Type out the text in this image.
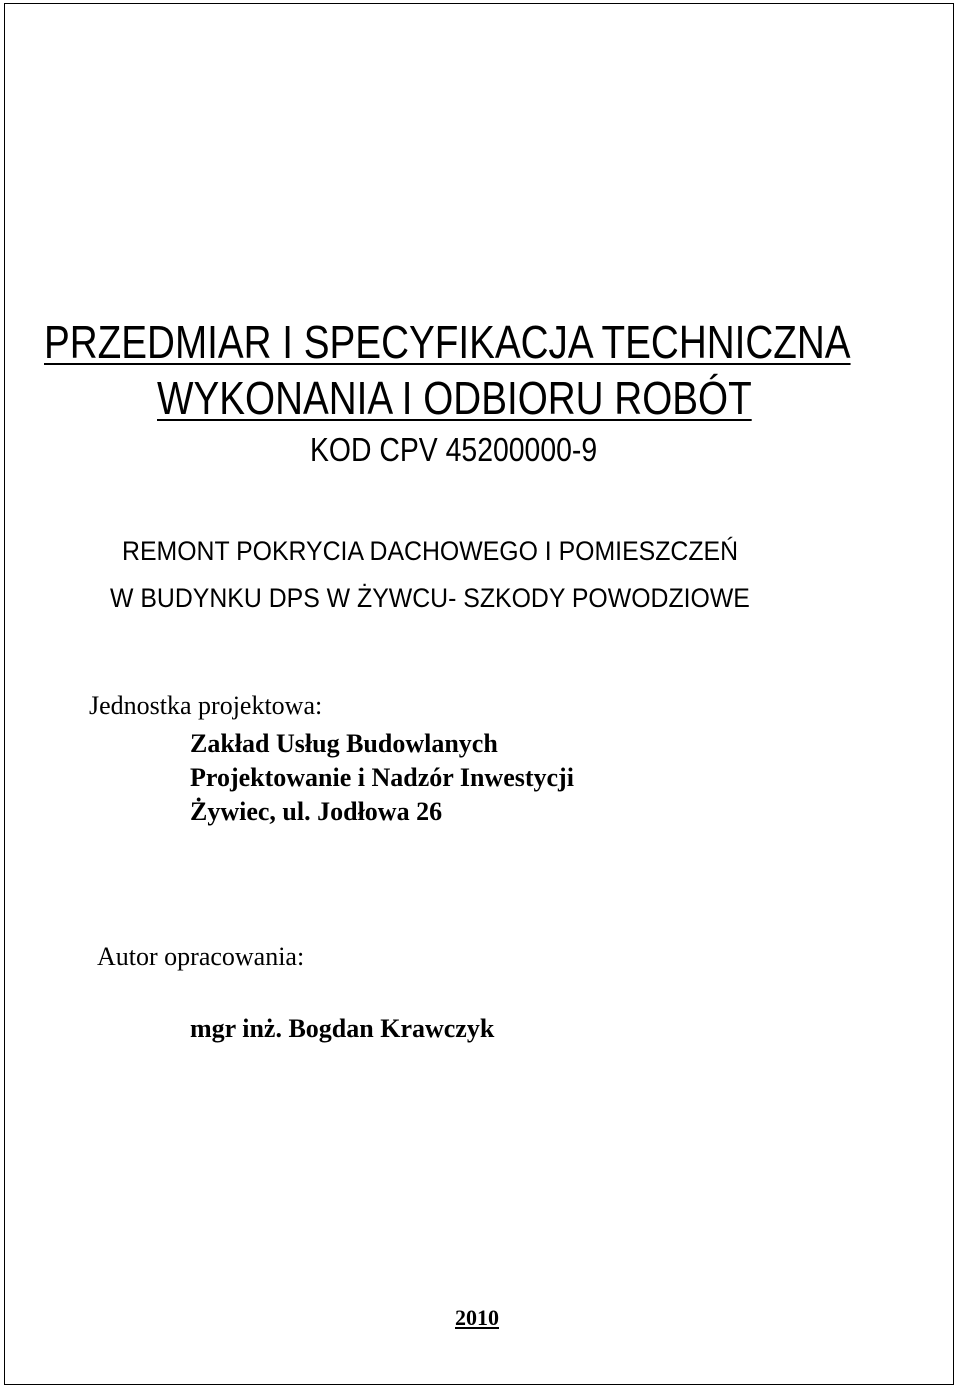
PRZEDMIAR I SPECYFIKACJA TECHNICZNA
WYKONANIA I ODBIORU ROBÓT
KOD CPV 45200000-9
REMONT POKRYCIA DACHOWEGO I POMIESZCZEŃ
W BUDYNKU DPS W ŻYWCU- SZKODY POWODZIOWE
Jednostka projektowa:
Zakład Usług Budowlanych
Projektowanie i Nadzór Inwestycji
Żywiec, ul. Jodłowa 26
Autor opracowania:
mgr inż. Bogdan Krawczyk
2010
